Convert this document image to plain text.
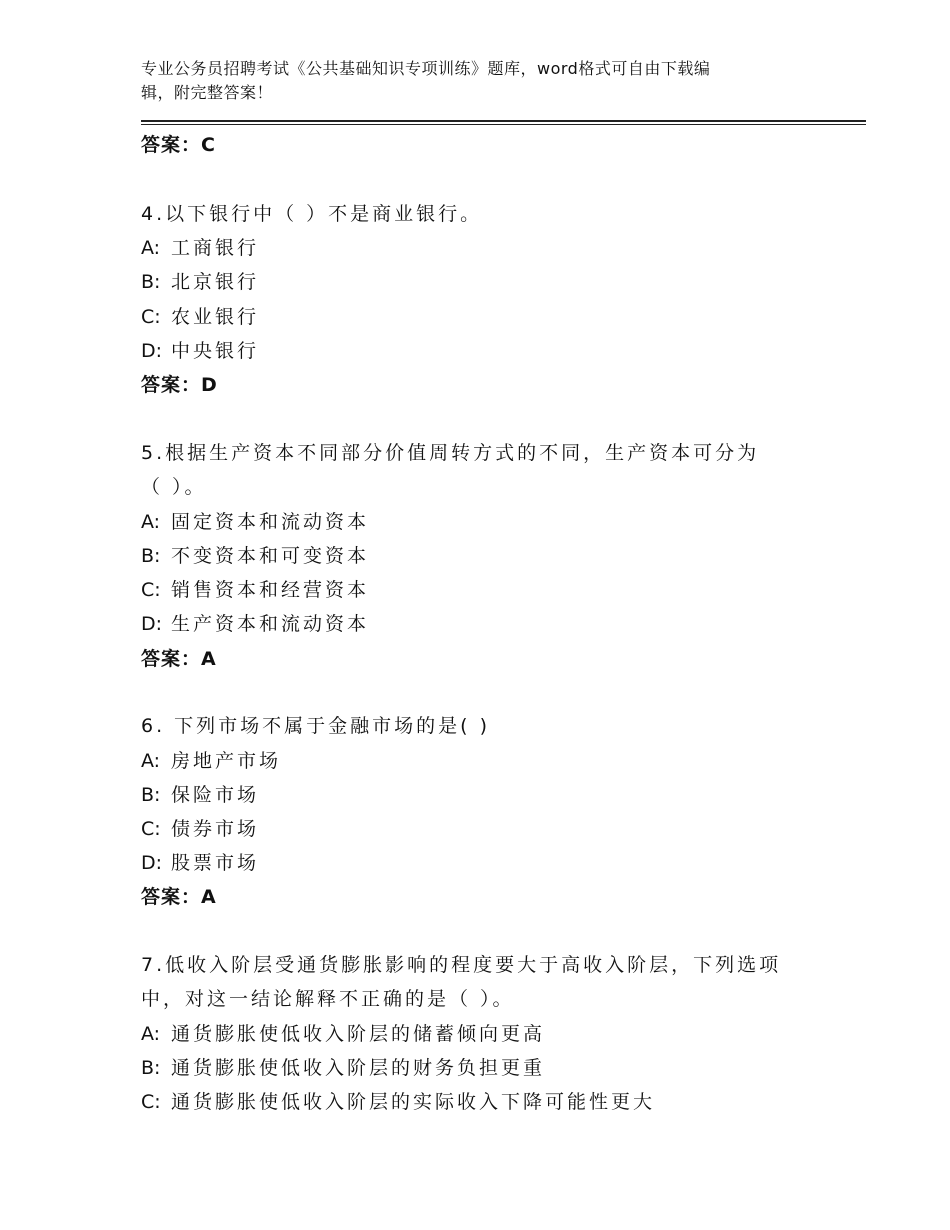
专业公务员招聘考试《公共基础知识专项训练》题库，word格式可自由下载编
辑，附完整答案！
答案：C
4.以下银行中（ ）不是商业银行。
A: 工商银行
B: 北京银行
C: 农业银行
D: 中央银行
答案：D
5.根据生产资本不同部分价值周转方式的不同，生产资本可分为
（ ）。
A: 固定资本和流动资本
B: 不变资本和可变资本
C: 销售资本和经营资本
D: 生产资本和流动资本
答案：A
6. 下列市场不属于金融市场的是( )
A: 房地产市场
B: 保险市场
C: 债券市场
D: 股票市场
答案：A
7.低收入阶层受通货膨胀影响的程度要大于高收入阶层，下列选项
中，对这一结论解释不正确的是（ ）。
A: 通货膨胀使低收入阶层的储蓄倾向更高
B: 通货膨胀使低收入阶层的财务负担更重
C: 通货膨胀使低收入阶层的实际收入下降可能性更大
